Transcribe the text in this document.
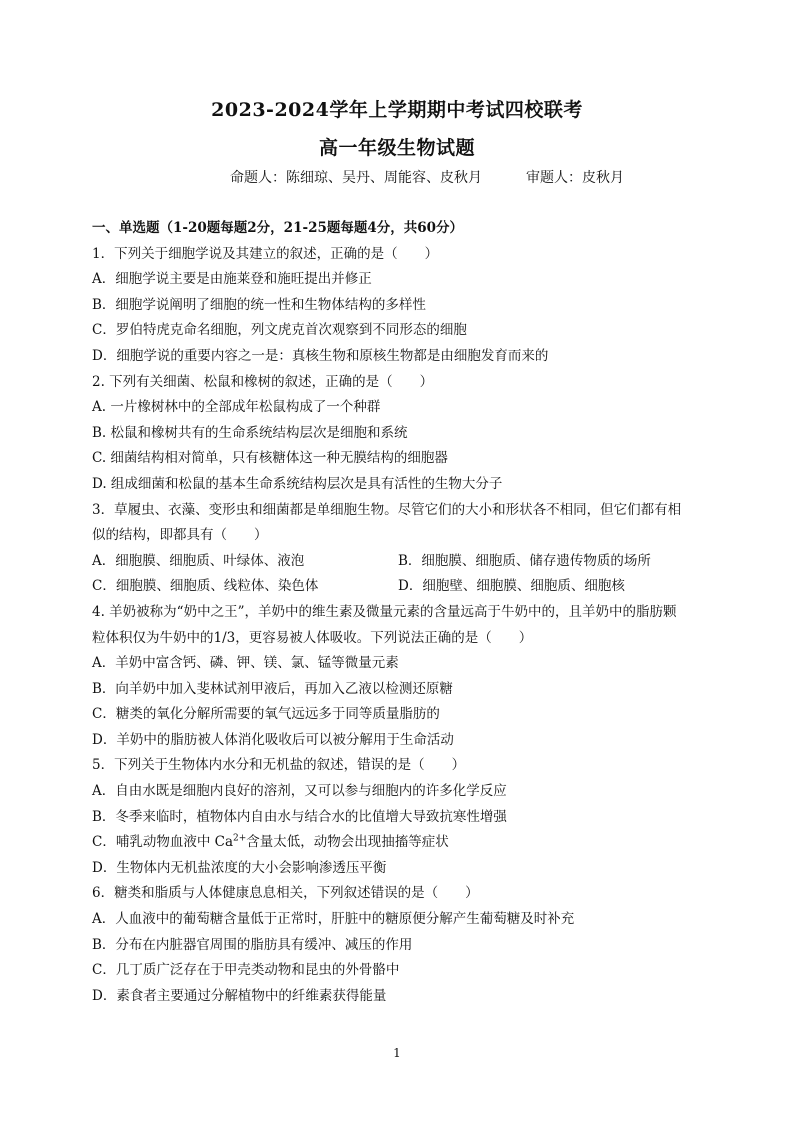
2023-2024学年上学期期中考试四校联考
高一年级生物试题
命题人：陈细琼、吴丹、周能容、皮秋月	审题人：皮秋月
一、单选题（1-20题每题2分，21-25题每题4分，共60分）
1．下列关于细胞学说及其建立的叙述，正确的是（　　）
A．细胞学说主要是由施莱登和施旺提出并修正
B．细胞学说阐明了细胞的统一性和生物体结构的多样性
C．罗伯特虎克命名细胞，列文虎克首次观察到不同形态的细胞
D．细胞学说的重要内容之一是：真核生物和原核生物都是由细胞发育而来的
2. 下列有关细菌、松鼠和橡树的叙述，正确的是（　　）
A. 一片橡树林中的全部成年松鼠构成了一个种群
B. 松鼠和橡树共有的生命系统结构层次是细胞和系统
C. 细菌结构相对简单，只有核糖体这一种无膜结构的细胞器
D. 组成细菌和松鼠的基本生命系统结构层次是具有活性的生物大分子
3．草履虫、衣藻、变形虫和细菌都是单细胞生物。尽管它们的大小和形状各不相同，但它们都有相
似的结构，即都具有（　　）
A．细胞膜、细胞质、叶绿体、液泡	B．细胞膜、细胞质、储存遗传物质的场所
C．细胞膜、细胞质、线粒体、染色体	D．细胞壁、细胞膜、细胞质、细胞核
4. 羊奶被称为“奶中之王”，羊奶中的维生素及微量元素的含量远高于牛奶中的，且羊奶中的脂肪颗
粒体积仅为牛奶中的1/3，更容易被人体吸收。下列说法正确的是（　　）
A．羊奶中富含钙、磷、钾、镁、氯、锰等微量元素
B．向羊奶中加入斐林试剂甲液后，再加入乙液以检测还原糖
C．糖类的氧化分解所需要的氧气远远多于同等质量脂肪的
D．羊奶中的脂肪被人体消化吸收后可以被分解用于生命活动
5．下列关于生物体内水分和无机盐的叙述，错误的是（　　）
A．自由水既是细胞内良好的溶剂，又可以参与细胞内的许多化学反应
B．冬季来临时，植物体内自由水与结合水的比值增大导致抗寒性增强
C．哺乳动物血液中 $Ca^{2+}$含量太低，动物会出现抽搐等症状
D．生物体内无机盐浓度的大小会影响渗透压平衡
6．糖类和脂质与人体健康息息相关，下列叙述错误的是（　　）
A．人血液中的葡萄糖含量低于正常时，肝脏中的糖原便分解产生葡萄糖及时补充
B．分布在内脏器官周围的脂肪具有缓冲、减压的作用
C．几丁质广泛存在于甲壳类动物和昆虫的外骨骼中
D．素食者主要通过分解植物中的纤维素获得能量
1
